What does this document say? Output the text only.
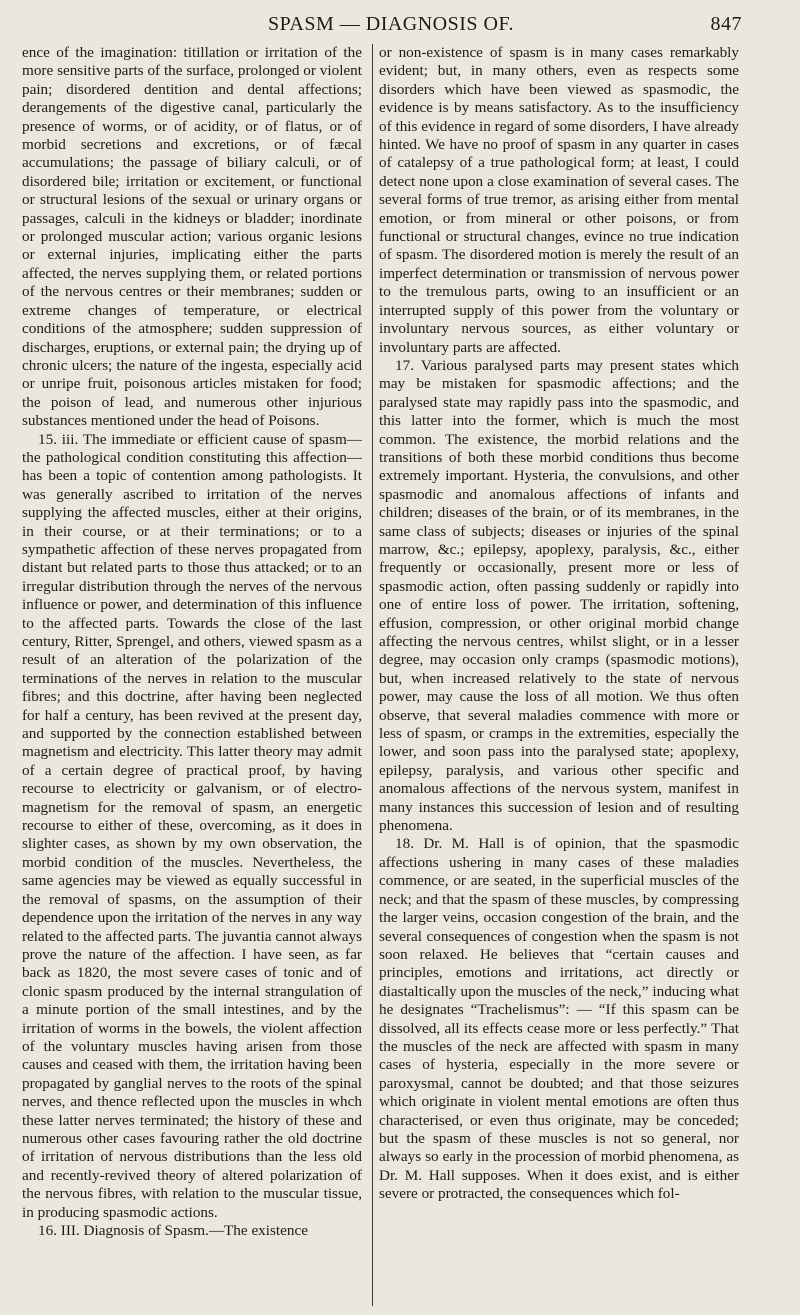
SPASM — DIAGNOSIS OF.	847

ence of the imagination: titillation or irritation of the more sensitive parts of the surface, prolonged or violent pain; disordered dentition and dental affections; derangements of the digestive canal, particularly the presence of worms, or of acidity, or of flatus, or of morbid secretions and excretions, or of fæcal accumulations; the passage of biliary calculi, or of disordered bile; irritation or excitement, or functional or structural lesions of the sexual or urinary organs or passages, calculi in the kidneys or bladder; inordinate or prolonged muscular action; various organic lesions or external injuries, implicating either the parts affected, the nerves supplying them, or related portions of the nervous centres or their membranes; sudden or extreme changes of temperature, or electrical conditions of the atmosphere; sudden suppression of discharges, eruptions, or external pain; the drying up of chronic ulcers; the nature of the ingesta, especially acid or unripe fruit, poisonous articles mistaken for food; the poison of lead, and numerous other injurious substances mentioned under the head of Poisons.

15. iii. The immediate or efficient cause of spasm—the pathological condition constituting this affection—has been a topic of contention among pathologists. It was generally ascribed to irritation of the nerves supplying the affected muscles, either at their origins, in their course, or at their terminations; or to a sympathetic affection of these nerves propagated from distant but related parts to those thus attacked; or to an irregular distribution through the nerves of the nervous influence or power, and determination of this influence to the affected parts. Towards the close of the last century, Ritter, Sprengel, and others, viewed spasm as a result of an alteration of the polarization of the terminations of the nerves in relation to the muscular fibres; and this doctrine, after having been neglected for half a century, has been revived at the present day, and supported by the connection established between magnetism and electricity. This latter theory may admit of a certain degree of practical proof, by having recourse to electricity or galvanism, or of electro-magnetism for the removal of spasm, an energetic recourse to either of these, overcoming, as it does in slighter cases, as shown by my own observation, the morbid condition of the muscles. Nevertheless, the same agencies may be viewed as equally successful in the removal of spasms, on the assumption of their dependence upon the irritation of the nerves in any way related to the affected parts. The juvantia cannot always prove the nature of the affection. I have seen, as far back as 1820, the most severe cases of tonic and of clonic spasm produced by the internal strangulation of a minute portion of the small intestines, and by the irritation of worms in the bowels, the violent affection of the voluntary muscles having arisen from those causes and ceased with them, the irritation having been propagated by ganglial nerves to the roots of the spinal nerves, and thence reflected upon the muscles in whch these latter nerves terminated; the history of these and numerous other cases favouring rather the old doctrine of irritation of nervous distributions than the less old and recently-revived theory of altered polarization of the nervous fibres, with relation to the muscular tissue, in producing spasmodic actions.

16. III. Diagnosis of Spasm.—The existence

or non-existence of spasm is in many cases remarkably evident; but, in many others, even as respects some disorders which have been viewed as spasmodic, the evidence is by means satisfactory. As to the insufficiency of this evidence in regard of some disorders, I have already hinted. We have no proof of spasm in any quarter in cases of catalepsy of a true pathological form; at least, I could detect none upon a close examination of several cases. The several forms of true tremor, as arising either from mental emotion, or from mineral or other poisons, or from functional or structural changes, evince no true indication of spasm. The disordered motion is merely the result of an imperfect determination or transmission of nervous power to the tremulous parts, owing to an insufficient or an interrupted supply of this power from the voluntary or involuntary nervous sources, as either voluntary or involuntary parts are affected.

17. Various paralysed parts may present states which may be mistaken for spasmodic affections; and the paralysed state may rapidly pass into the spasmodic, and this latter into the former, which is much the most common. The existence, the morbid relations and the transitions of both these morbid conditions thus become extremely important. Hysteria, the convulsions, and other spasmodic and anomalous affections of infants and children; diseases of the brain, or of its membranes, in the same class of subjects; diseases or injuries of the spinal marrow, &c.; epilepsy, apoplexy, paralysis, &c., either frequently or occasionally, present more or less of spasmodic action, often passing suddenly or rapidly into one of entire loss of power. The irritation, softening, effusion, compression, or other original morbid change affecting the nervous centres, whilst slight, or in a lesser degree, may occasion only cramps (spasmodic motions), but, when increased relatively to the state of nervous power, may cause the loss of all motion. We thus often observe, that several maladies commence with more or less of spasm, or cramps in the extremities, especially the lower, and soon pass into the paralysed state; apoplexy, epilepsy, paralysis, and various other specific and anomalous affections of the nervous system, manifest in many instances this succession of lesion and of resulting phenomena.

18. Dr. M. Hall is of opinion, that the spasmodic affections ushering in many cases of these maladies commence, or are seated, in the superficial muscles of the neck; and that the spasm of these muscles, by compressing the larger veins, occasion congestion of the brain, and the several consequences of congestion when the spasm is not soon relaxed. He believes that “certain causes and principles, emotions and irritations, act directly or diastaltically upon the muscles of the neck,” inducing what he designates “Trachelismus”: — “If this spasm can be dissolved, all its effects cease more or less perfectly.” That the muscles of the neck are affected with spasm in many cases of hysteria, especially in the more severe or paroxysmal, cannot be doubted; and that those seizures which originate in violent mental emotions are often thus characterised, or even thus originate, may be conceded; but the spasm of these muscles is not so general, nor always so early in the procession of morbid phenomena, as Dr. M. Hall supposes. When it does exist, and is either severe or protracted, the consequences which fol-
